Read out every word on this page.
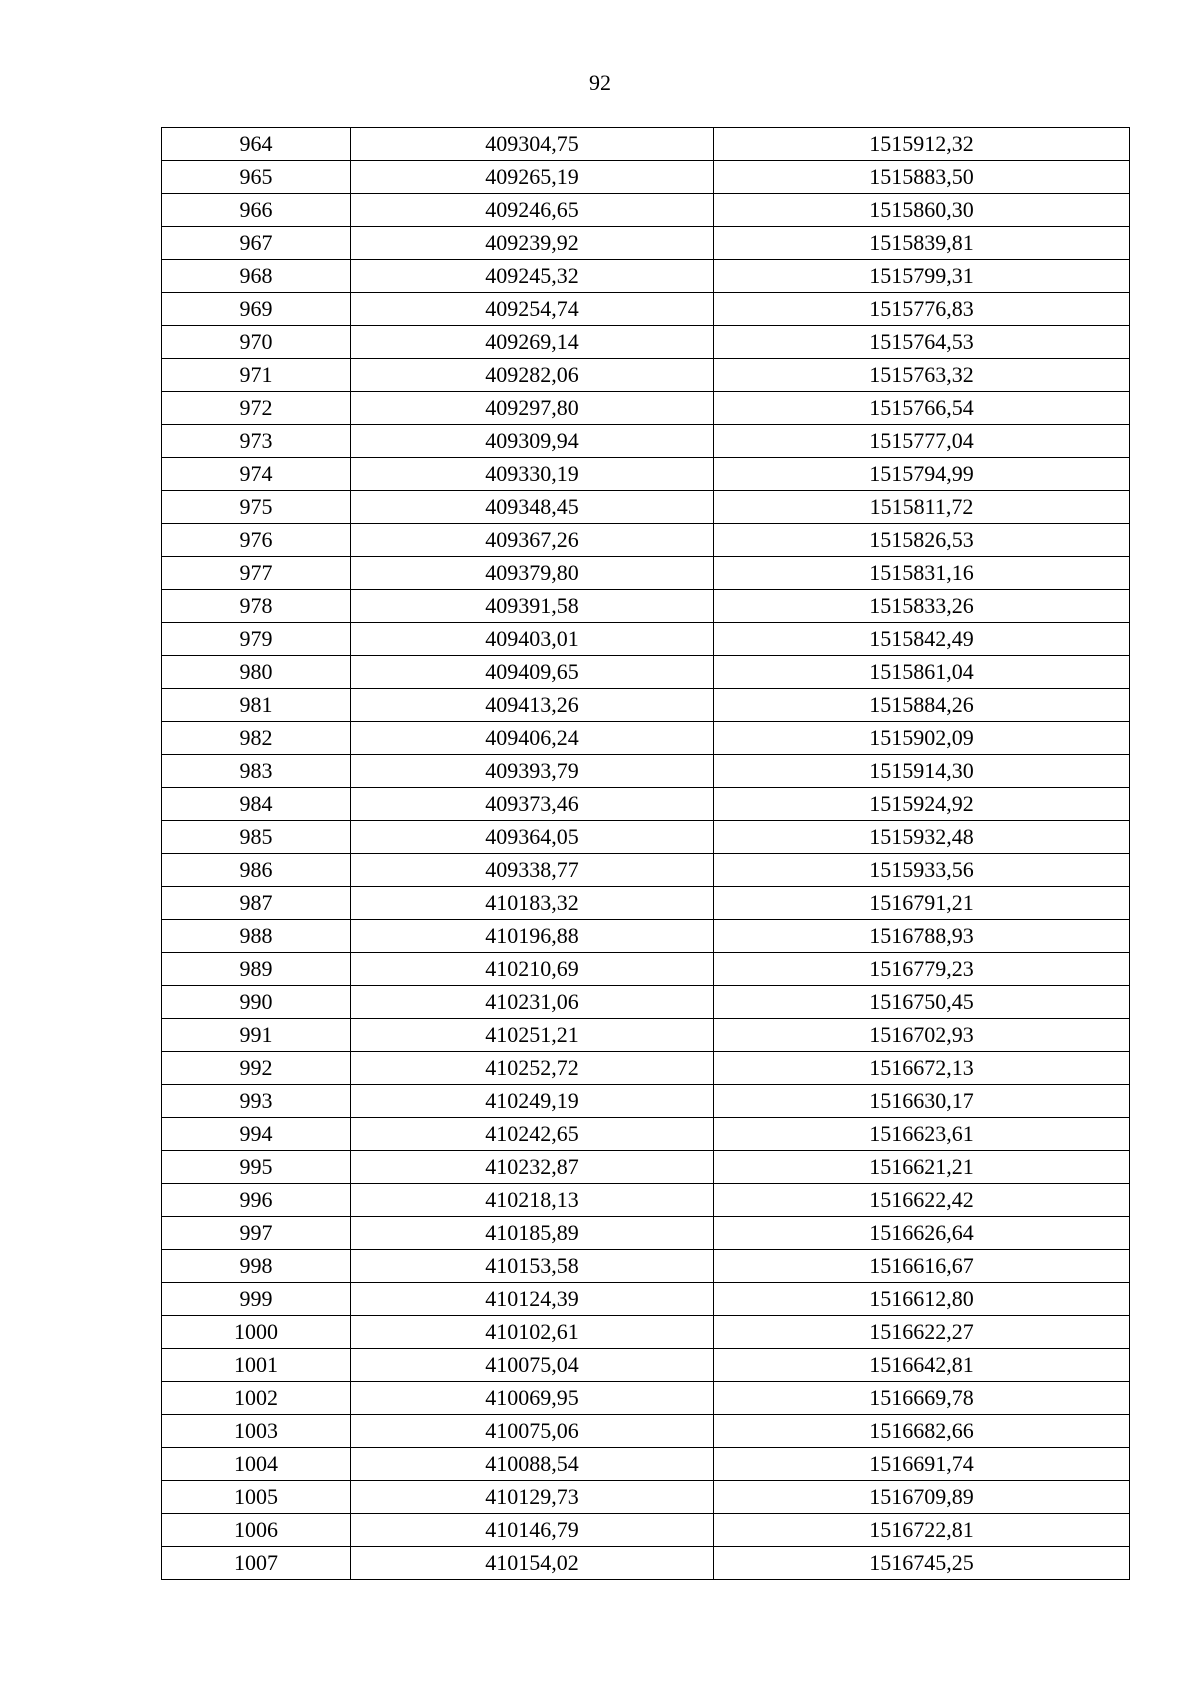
92
964	409304,75	1515912,32
965	409265,19	1515883,50
966	409246,65	1515860,30
967	409239,92	1515839,81
968	409245,32	1515799,31
969	409254,74	1515776,83
970	409269,14	1515764,53
971	409282,06	1515763,32
972	409297,80	1515766,54
973	409309,94	1515777,04
974	409330,19	1515794,99
975	409348,45	1515811,72
976	409367,26	1515826,53
977	409379,80	1515831,16
978	409391,58	1515833,26
979	409403,01	1515842,49
980	409409,65	1515861,04
981	409413,26	1515884,26
982	409406,24	1515902,09
983	409393,79	1515914,30
984	409373,46	1515924,92
985	409364,05	1515932,48
986	409338,77	1515933,56
987	410183,32	1516791,21
988	410196,88	1516788,93
989	410210,69	1516779,23
990	410231,06	1516750,45
991	410251,21	1516702,93
992	410252,72	1516672,13
993	410249,19	1516630,17
994	410242,65	1516623,61
995	410232,87	1516621,21
996	410218,13	1516622,42
997	410185,89	1516626,64
998	410153,58	1516616,67
999	410124,39	1516612,80
1000	410102,61	1516622,27
1001	410075,04	1516642,81
1002	410069,95	1516669,78
1003	410075,06	1516682,66
1004	410088,54	1516691,74
1005	410129,73	1516709,89
1006	410146,79	1516722,81
1007	410154,02	1516745,25
